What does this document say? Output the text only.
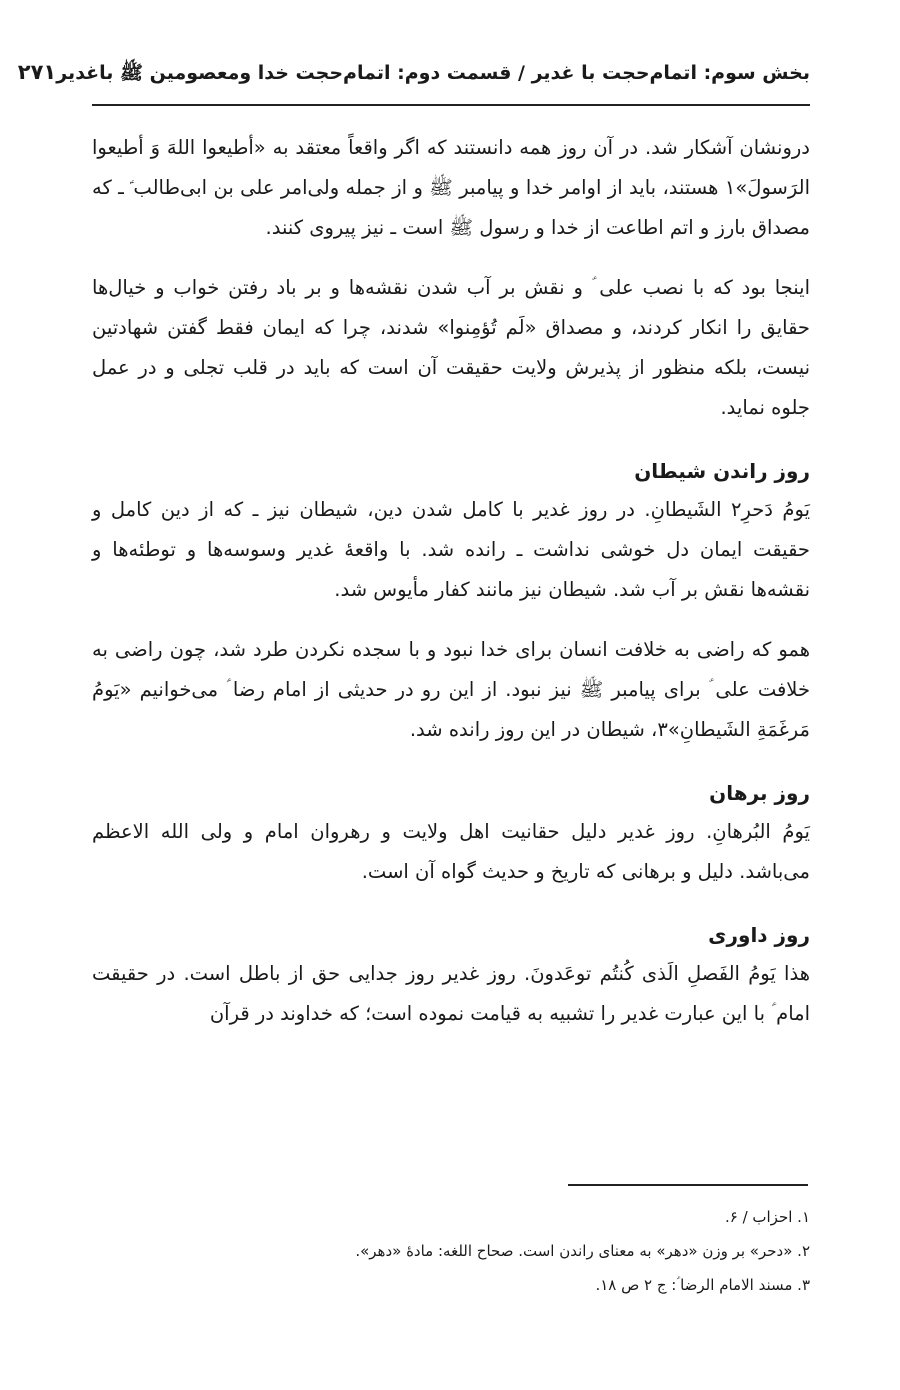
بخش سوم: اتمام‌حجت با غدیر / قسمت دوم: اتمام‌حجت خدا ومعصومین ﷺ باغدیر
۲۷۱

درونشان آشکار شد. در آن روز همه دانستند که اگر واقعاً معتقد به «أطیعوا اللهَ وَ أطیعوا الرَسولَ»۱ هستند، باید از اوامر خدا و پیامبر ﷺ و از جمله ولی‌امر علی بن ابی‌طالب ؑ ـ که مصداق بارز و اتم اطاعت از خدا و رسول ﷺ است ـ نیز پیروی کنند.

اینجا بود که با نصب علی ؑ و نقش بر آب شدن نقشه‌ها و بر باد رفتن خواب و خیال‌ها حقایق را انکار کردند، و مصداق «لَم تُؤمِنوا» شدند، چرا که ایمان فقط گفتن شهادتین نیست، بلکه منظور از پذیرش ولایت حقیقت آن است که باید در قلب تجلی و در عمل جلوه نماید.

روز راندن شیطان

یَومُ دَحرِ۲ الشَیطانِ. در روز غدیر با کامل شدن دین، شیطان نیز ـ که از دین کامل و حقیقت ایمان دل خوشی نداشت ـ رانده شد. با واقعهٔ غدیر وسوسه‌ها و توطئه‌ها و نقشه‌ها نقش بر آب شد. شیطان نیز مانند کفار مأیوس شد.

همو که راضی به خلافت انسان برای خدا نبود و با سجده نکردن طرد شد، چون راضی به خلافت علی ؑ برای پیامبر ﷺ نیز نبود. از این رو در حدیثی از امام رضا ؑ می‌خوانیم «یَومُ مَرغَمَةِ الشَیطانِ»۳، شیطان در این روز رانده شد.

روز برهان

یَومُ البُرهانِ. روز غدیر دلیل حقانیت اهل ولایت و رهروان امام و ولی الله الاعظم می‌باشد. دلیل و برهانی که تاریخ و حدیث گواه آن است.

روز داوری

هذا یَومُ الفَصلِ الَذی کُنتُم توعَدونَ. روز غدیر روز جدایی حق از باطل است. در حقیقت امام ؑ با این عبارت غدیر را تشبیه به قیامت نموده است؛ که خداوند در قرآن

۱. احزاب / ۶.

۲. «دحر» بر وزن «دهر» به معنای راندن است. صحاح اللغه: مادهٔ «دهر».

۳. مسند الامام الرضا ؑ: ج ۲ ص ۱۸.
